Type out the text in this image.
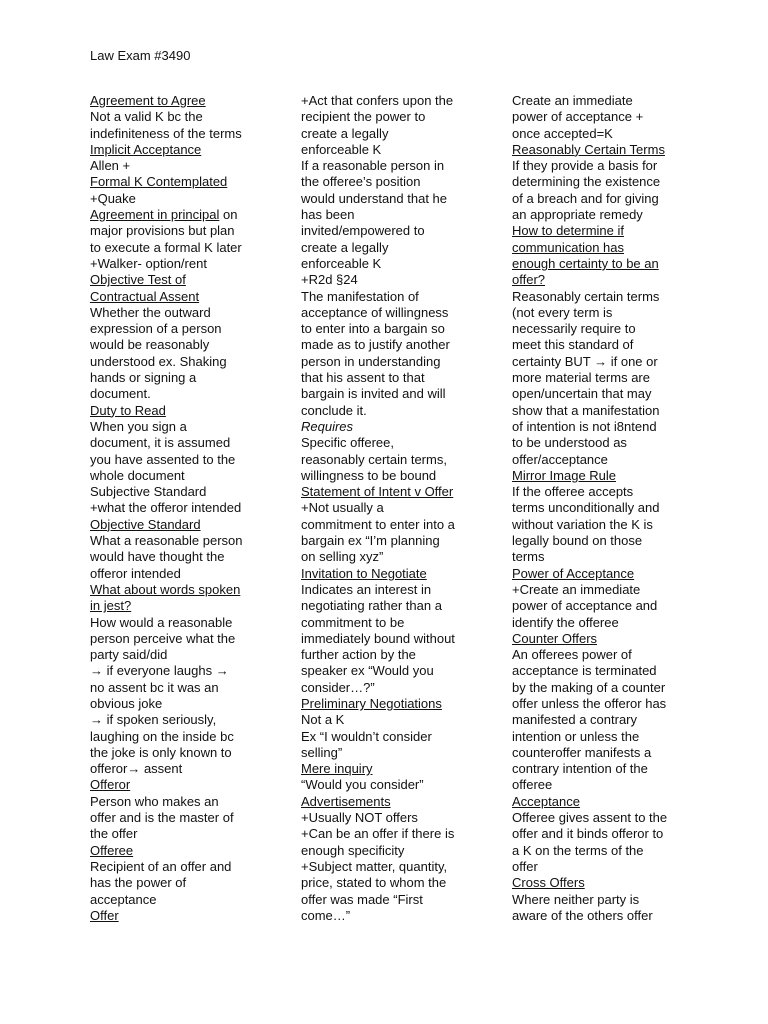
Law Exam #3490
Agreement to Agree
Not a valid K bc the
indefiniteness of the terms
Implicit Acceptance
Allen +
Formal K Contemplated
+Quake
Agreement in principal on
major provisions but plan
to execute a formal K later
+Walker- option/rent
Objective Test of
Contractual Assent
Whether the outward
expression of a person
would be reasonably
understood ex. Shaking
hands or signing a
document.
Duty to Read
When you sign a
document, it is assumed
you have assented to the
whole document
Subjective Standard
+what the offeror intended
Objective Standard
What a reasonable person
would have thought the
offeror intended
What about words spoken
in jest?
How would a reasonable
person perceive what the
party said/did
→ if everyone laughs →
no assent bc it was an
obvious joke
→ if spoken seriously,
laughing on the inside bc
the joke is only known to
offeror→ assent
Offeror
Person who makes an
offer and is the master of
the offer
Offeree
Recipient of an offer and
has the power of
acceptance
Offer
+Act that confers upon the
recipient the power to
create a legally
enforceable K
If a reasonable person in
the offeree’s position
would understand that he
has been
invited/empowered to
create a legally
enforceable K
+R2d §24
The manifestation of
acceptance of willingness
to enter into a bargain so
made as to justify another
person in understanding
that his assent to that
bargain is invited and will
conclude it.
Requires
Specific offeree,
reasonably certain terms,
willingness to be bound
Statement of Intent v Offer
+Not usually a
commitment to enter into a
bargain ex “I’m planning
on selling xyz”
Invitation to Negotiate
Indicates an interest in
negotiating rather than a
commitment to be
immediately bound without
further action by the
speaker ex “Would you
consider…?”
Preliminary Negotiations
Not a K
Ex “I wouldn’t consider
selling”
Mere inquiry
“Would you consider”
Advertisements
+Usually NOT offers
+Can be an offer if there is
enough specificity
+Subject matter, quantity,
price, stated to whom the
offer was made “First
come…”
Create an immediate
power of acceptance +
once accepted=K
Reasonably Certain Terms
If they provide a basis for
determining the existence
of a breach and for giving
an appropriate remedy
How to determine if
communication has
enough certainty to be an
offer?
Reasonably certain terms
(not every term is
necessarily require to
meet this standard of
certainty BUT → if one or
more material terms are
open/uncertain that may
show that a manifestation
of intention is not i8ntend
to be understood as
offer/acceptance
Mirror Image Rule
If the offeree accepts
terms unconditionally and
without variation the K is
legally bound on those
terms
Power of Acceptance
+Create an immediate
power of acceptance and
identify the offeree
Counter Offers
An offerees power of
acceptance is terminated
by the making of a counter
offer unless the offeror has
manifested a contrary
intention or unless the
counteroffer manifests a
contrary intention of the
offeree
Acceptance
Offeree gives assent to the
offer and it binds offeror to
a K on the terms of the
offer
Cross Offers
Where neither party is
aware of the others offer
